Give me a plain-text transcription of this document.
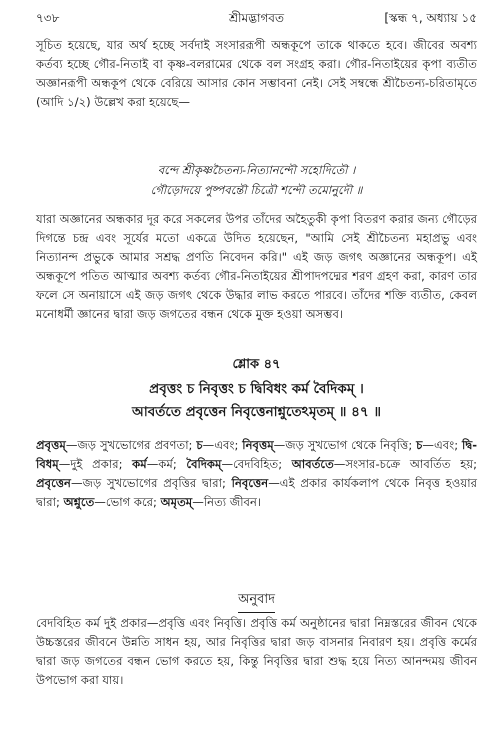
৭৩৮	শ্রীমদ্ভাগবত	[স্কন্ধ ৭, অধ্যায় ১৫

সূচিত হয়েছে, যার অর্থ হচ্ছে সর্বদাই সংসাররূপী অন্ধকূপে তাকে থাকতে হবে। জীবের অবশ্য কর্তব্য হচ্ছে গৌর-নিতাই বা কৃষ্ণ-বলরামের থেকে বল সংগ্রহ করা। গৌর-নিতাইয়ের কৃপা ব্যতীত অজ্ঞানরূপী অন্ধকূপ থেকে বেরিয়ে আসার কোন সম্ভাবনা নেই। সেই সম্বন্ধে শ্রীচৈতন্য-চরিতামৃতে (আদি ১/২) উল্লেখ করা হয়েছে—

বন্দে শ্রীকৃষ্ণচৈতন্য-নিত্যানন্দৌ সহোদিতৌ ।
গৌড়োদয়ে পুষ্পবন্তৌ চিত্রৌ শন্দৌ তমোনুদৌ ॥

যারা অজ্ঞানের অন্ধকার দূর করে সকলের উপর তাঁদের অহৈতুকী কৃপা বিতরণ করার জন্য গৌড়ের দিগন্তে চন্দ্র এবং সূর্যের মতো একত্রে উদিত হয়েছেন, "আমি সেই শ্রীচৈতন্য মহাপ্রভু এবং নিত্যানন্দ প্রভুকে আমার সশ্রদ্ধ প্রণতি নিবেদন করি।" এই জড় জগৎ অজ্ঞানের অন্ধকূপ। এই অন্ধকূপে পতিত আত্মার অবশ্য কর্তব্য গৌর-নিতাইয়ের শ্রীপাদপদ্মের শরণ গ্রহণ করা, কারণ তার ফলে সে অনায়াসে এই জড় জগৎ থেকে উদ্ধার লাভ করতে পারবে। তাঁদের শক্তি ব্যতীত, কেবল মনোধর্মী জ্ঞানের দ্বারা জড় জগতের বন্ধন থেকে মুক্ত হওয়া অসম্ভব।

শ্লোক ৪৭
প্রবৃত্তং চ নিবৃত্তং চ দ্বিবিধং কর্ম বৈদিকম্ ।
আবর্ততে প্রবৃত্তেন নিবৃত্তেনাশ্নুতেঽমৃতম্ ॥ ৪৭ ॥

প্রবৃত্তম্—জড় সুখভোগের প্রবণতা; চ—এবং; নিবৃত্তম্—জড় সুখভোগ থেকে নিবৃত্তি; চ—এবং; দ্বি-বিধম্—দুই প্রকার; কর্ম—কর্ম; বৈদিকম্—বেদবিহিত; আবর্ততে—সংসার-চক্রে আবর্তিত হয়; প্রবৃত্তেন—জড় সুখভোগের প্রবৃত্তির দ্বারা; নিবৃত্তেন—এই প্রকার কার্যকলাপ থেকে নিবৃত্ত হওয়ার দ্বারা; অশ্নুতে—ভোগ করে; অমৃতম্—নিত্য জীবন।

অনুবাদ

বেদবিহিত কর্ম দুই প্রকার—প্রবৃত্তি এবং নিবৃত্তি। প্রবৃত্তি কর্ম অনুষ্ঠানের দ্বারা নিম্নস্তরের জীবন থেকে উচ্চস্তরের জীবনে উন্নতি সাধন হয়, আর নিবৃত্তির দ্বারা জড় বাসনার নিবারণ হয়। প্রবৃত্তি কর্মের দ্বারা জড় জগতের বন্ধন ভোগ করতে হয়, কিন্তু নিবৃত্তির দ্বারা শুদ্ধ হয়ে নিত্য আনন্দময় জীবন উপভোগ করা যায়।
